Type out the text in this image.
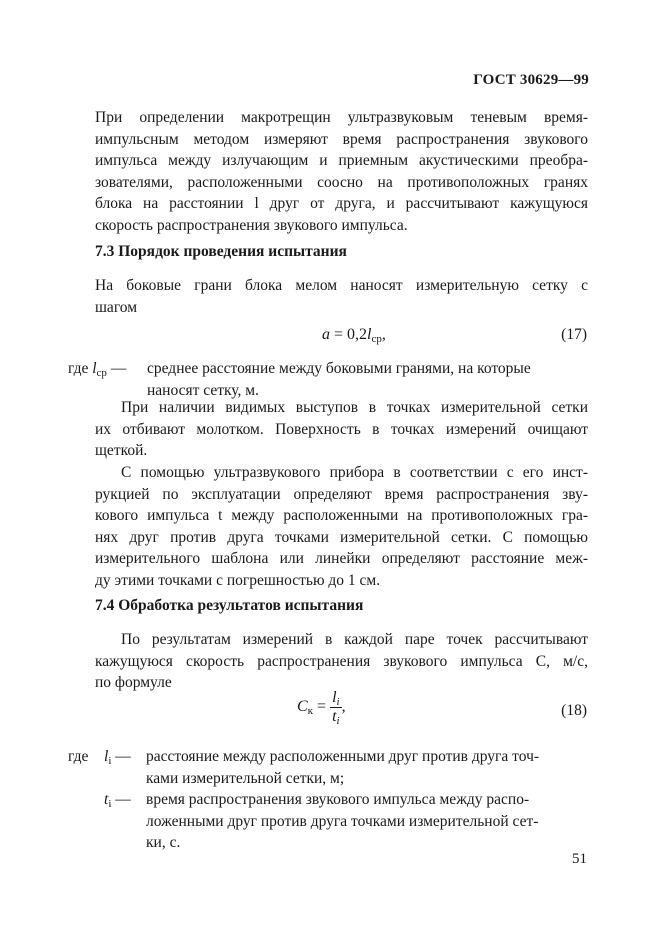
ГОСТ 30629—99
При определении макротрещин ультразвуковым теневым время-
импульсным методом измеряют время распространения звукового
импульса между излучающим и приемным акустическими преобра-
зователями, расположенными соосно на противоположных гранях
блока на расстоянии l друг от друга, и рассчитывают кажущуюся
скорость распространения звукового импульса.
7.3 Порядок проведения испытания
На боковые грани блока мелом наносят измерительную сетку с
шагом
$a = 0,2l_{ср}$,	(17)
где $l_{ср}$ — среднее расстояние между боковыми гранями, на которые
наносят сетку, м.
При наличии видимых выступов в точках измерительной сетки
их отбивают молотком. Поверхность в точках измерений очищают
щеткой.
С помощью ультразвукового прибора в соответствии с его инст-
рукцией по эксплуатации определяют время распространения зву-
кового импульса t между расположенными на противоположных гра-
нях друг против друга точками измерительной сетки. С помощью
измерительного шаблона или линейки определяют расстояние меж-
ду этими точками с погрешностью до 1 см.
7.4 Обработка результатов испытания
По результатам измерений в каждой паре точек рассчитывают
кажущуюся скорость распространения звукового импульса C, м/с,
по формуле
$C_к = \frac{l_i}{t_i}$ ,	(18)
где $l_i$ — расстояние между расположенными друг против друга точ-
ками измерительной сетки, м;
$t_i$ — время распространения звукового импульса между распо-
ложенными друг против друга точками измерительной сет-
ки, с.
51
